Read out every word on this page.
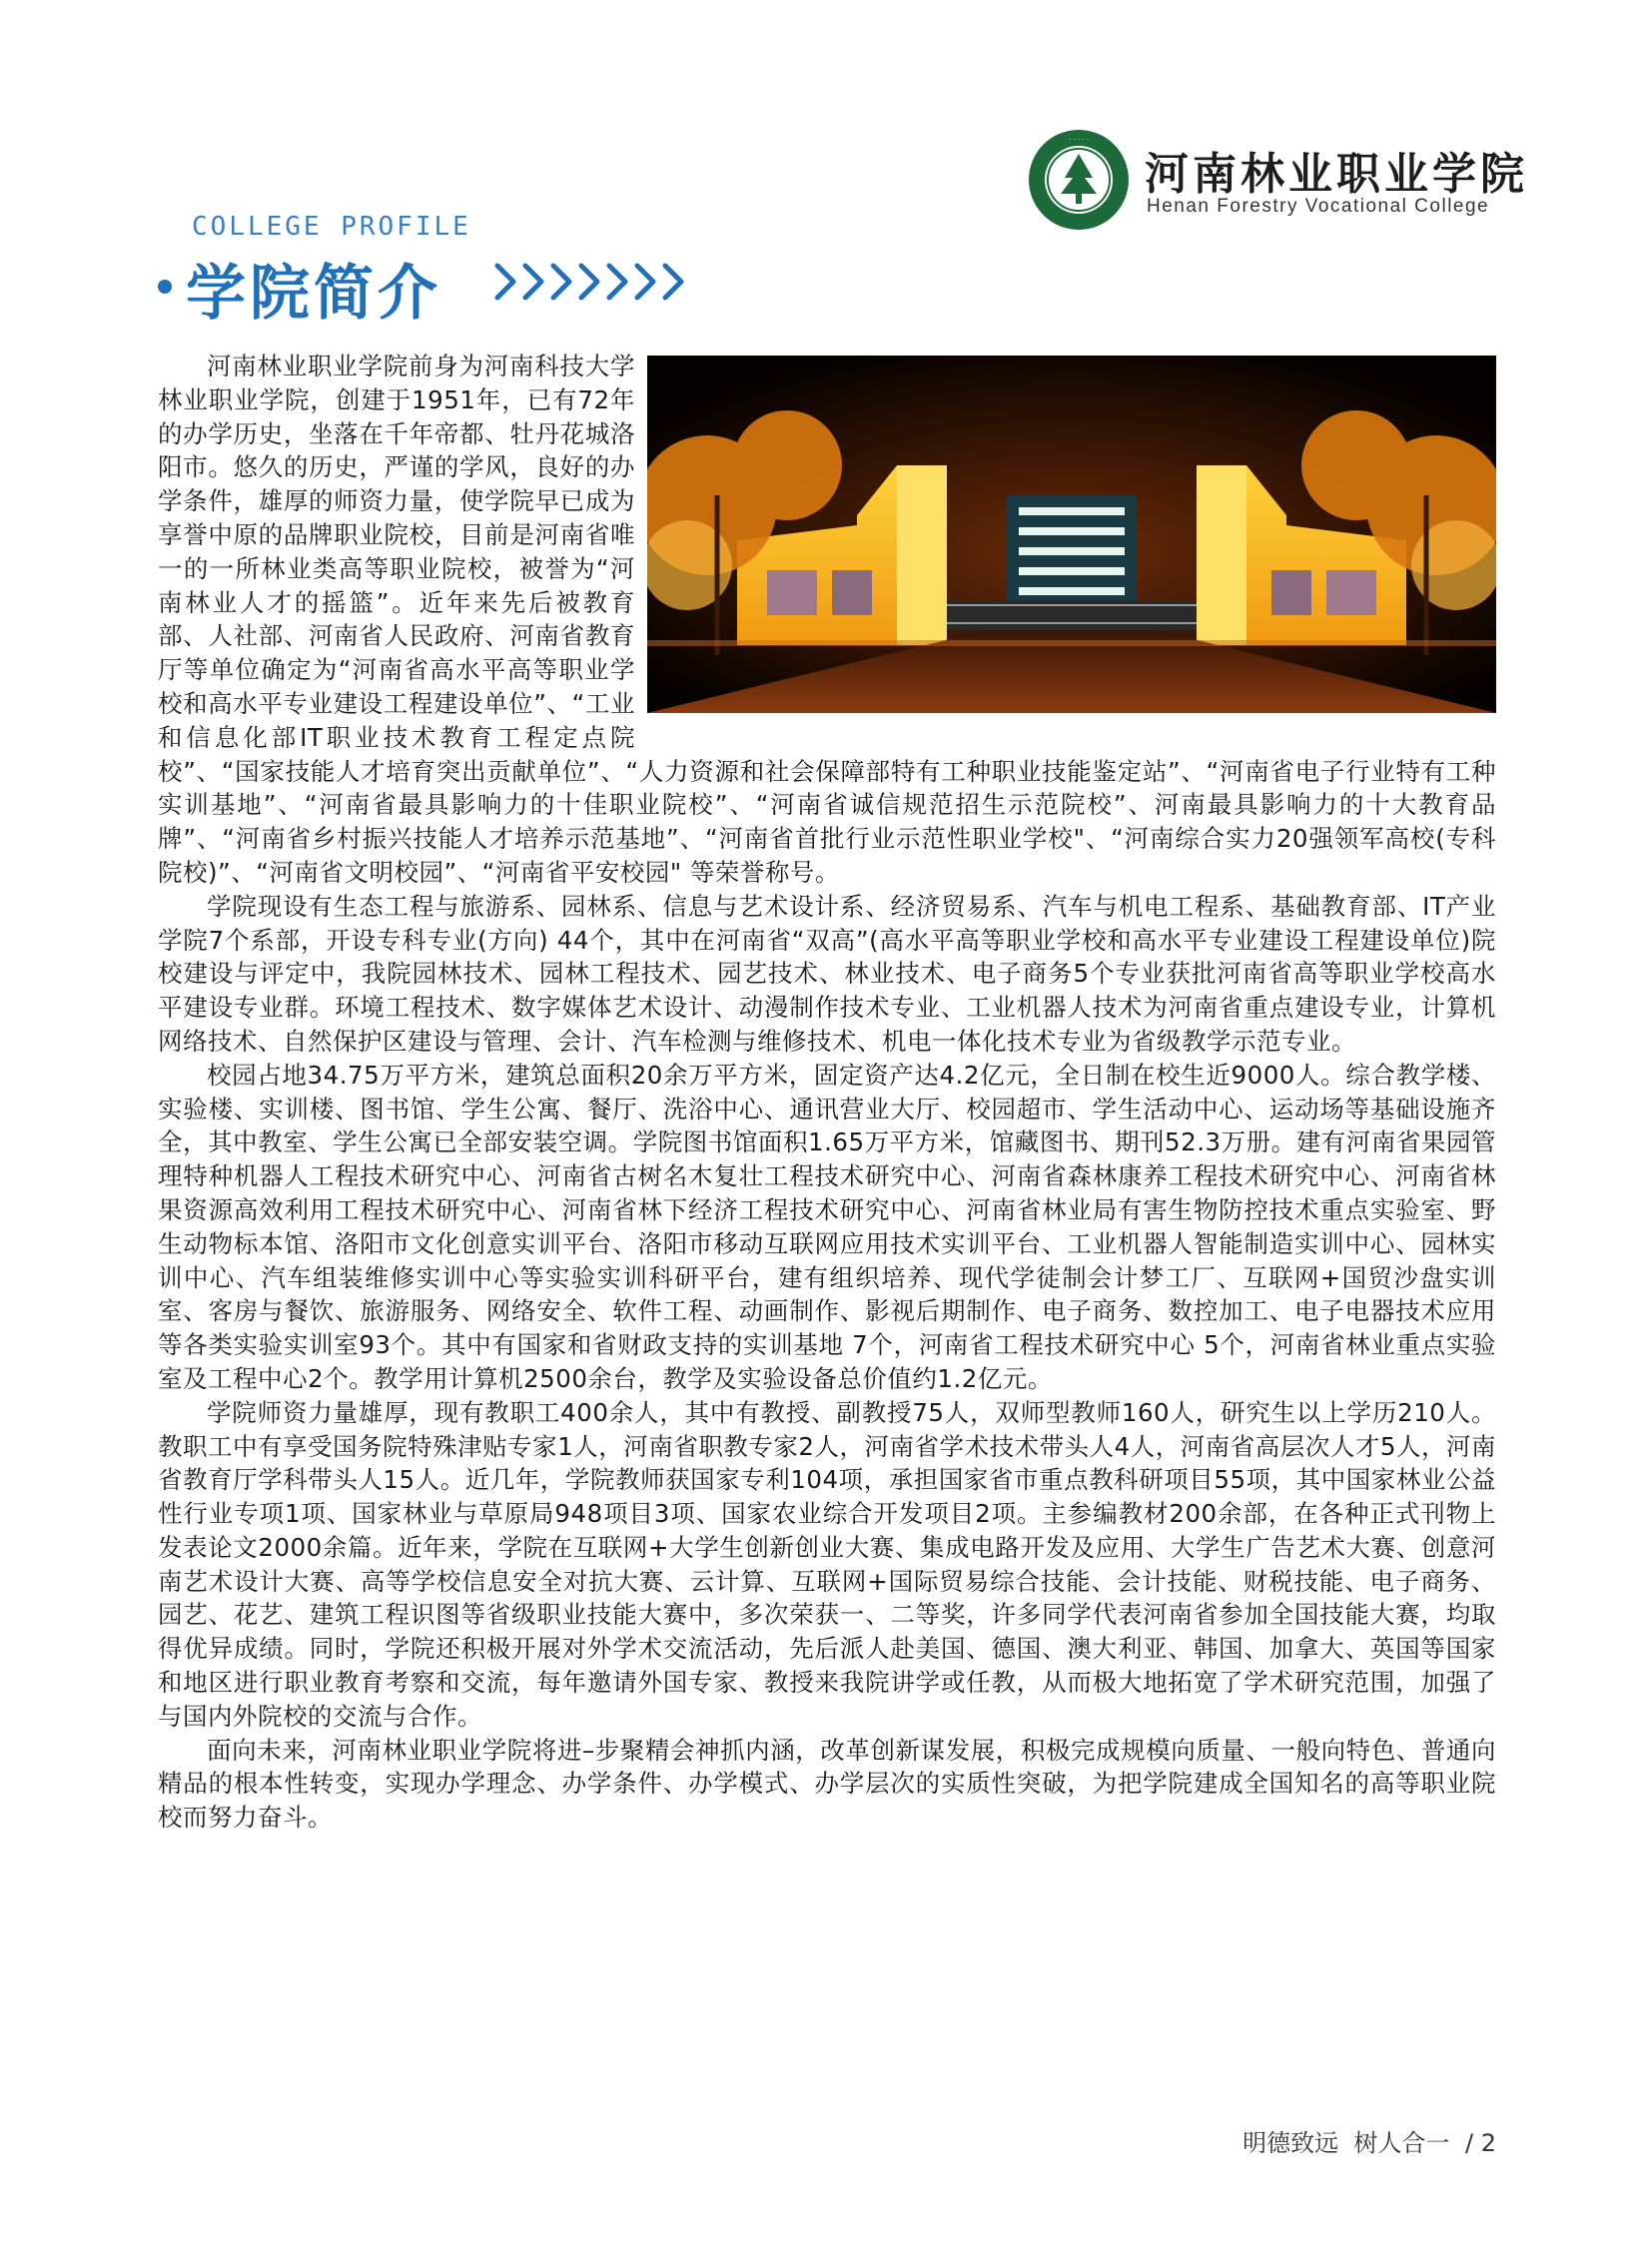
· · · · ·
河南林业职业学院
Henan Forestry Vocational College
COLLEGE PROFILE
学院简介

河南林业职业学院前身为河南科技大学林业职业学院，创建于1951年，已有72年的办学历史，坐落在千年帝都、牡丹花城洛阳市。悠久的历史，严谨的学风，良好的办学条件，雄厚的师资力量，使学院早已成为享誉中原的品牌职业院校，目前是河南省唯一的一所林业类高等职业院校，被誉为“河南林业人才的摇篮”。近年来先后被教育部、人社部、河南省人民政府、河南省教育厅等单位确定为“河南省高水平高等职业学校和高水平专业建设工程建设单位”、“工业和信息化部IT职业技术教育工程定点院校”、“国家技能人才培育突出贡献单位”、“人力资源和社会保障部特有工种职业技能鉴定站”、“河南省电子行业特有工种实训基地”、“河南省最具影响力的十佳职业院校”、“河南省诚信规范招生示范院校”、河南最具影响力的十大教育品牌”、“河南省乡村振兴技能人才培养示范基地”、“河南省首批行业示范性职业学校"、“河南综合实力20强领军高校(专科院校)”、“河南省文明校园”、“河南省平安校园" 等荣誉称号。

学院现设有生态工程与旅游系、园林系、信息与艺术设计系、经济贸易系、汽车与机电工程系、基础教育部、IT产业学院7个系部，开设专科专业(方向) 44个，其中在河南省“双高”(高水平高等职业学校和高水平专业建设工程建设单位)院校建设与评定中，我院园林技术、园林工程技术、园艺技术、林业技术、电子商务5个专业获批河南省高等职业学校高水平建设专业群。环境工程技术、数字媒体艺术设计、动漫制作技术专业、工业机器人技术为河南省重点建设专业，计算机网络技术、自然保护区建设与管理、会计、汽车检测与维修技术、机电一体化技术专业为省级教学示范专业。

校园占地34.75万平方米，建筑总面积20余万平方米，固定资产达4.2亿元，全日制在校生近9000人。综合教学楼、实验楼、实训楼、图书馆、学生公寓、餐厅、洗浴中心、通讯营业大厅、校园超市、学生活动中心、运动场等基础设施齐全，其中教室、学生公寓已全部安装空调。学院图书馆面积1.65万平方米，馆藏图书、期刊52.3万册。建有河南省果园管理特种机器人工程技术研究中心、河南省古树名木复壮工程技术研究中心、河南省森林康养工程技术研究中心、河南省林果资源高效利用工程技术研究中心、河南省林下经济工程技术研究中心、河南省林业局有害生物防控技术重点实验室、野生动物标本馆、洛阳市文化创意实训平台、洛阳市移动互联网应用技术实训平台、工业机器人智能制造实训中心、园林实训中心、汽车组装维修实训中心等实验实训科研平台，建有组织培养、现代学徒制会计梦工厂、互联网+国贸沙盘实训室、客房与餐饮、旅游服务、网络安全、软件工程、动画制作、影视后期制作、电子商务、数控加工、电子电器技术应用等各类实验实训室93个。其中有国家和省财政支持的实训基地 7个，河南省工程技术研究中心 5个，河南省林业重点实验室及工程中心2个。教学用计算机2500余台，教学及实验设备总价值约1.2亿元。

学院师资力量雄厚，现有教职工400余人，其中有教授、副教授75人，双师型教师160人，研究生以上学历210人。教职工中有享受国务院特殊津贴专家1人，河南省职教专家2人，河南省学术技术带头人4人，河南省高层次人才5人，河南省教育厅学科带头人15人。近几年，学院教师获国家专利104项，承担国家省市重点教科研项目55项，其中国家林业公益性行业专项1项、国家林业与草原局948项目3项、国家农业综合开发项目2项。主参编教材200余部，在各种正式刊物上发表论文2000余篇。近年来，学院在互联网+大学生创新创业大赛、集成电路开发及应用、大学生广告艺术大赛、创意河南艺术设计大赛、高等学校信息安全对抗大赛、云计算、互联网+国际贸易综合技能、会计技能、财税技能、电子商务、园艺、花艺、建筑工程识图等省级职业技能大赛中，多次荣获一、二等奖，许多同学代表河南省参加全国技能大赛，均取得优异成绩。同时，学院还积极开展对外学术交流活动，先后派人赴美国、德国、澳大利亚、韩国、加拿大、英国等国家和地区进行职业教育考察和交流，每年邀请外国专家、教授来我院讲学或任教，从而极大地拓宽了学术研究范围，加强了与国内外院校的交流与合作。

面向未来，河南林业职业学院将进–步聚精会神抓内涵，改革创新谋发展，积极完成规模向质量、一般向特色、普通向精品的根本性转变，实现办学理念、办学条件、办学模式、办学层次的实质性突破，为把学院建成全国知名的高等职业院校而努力奋斗。

明德致远  树人合一 / 2
